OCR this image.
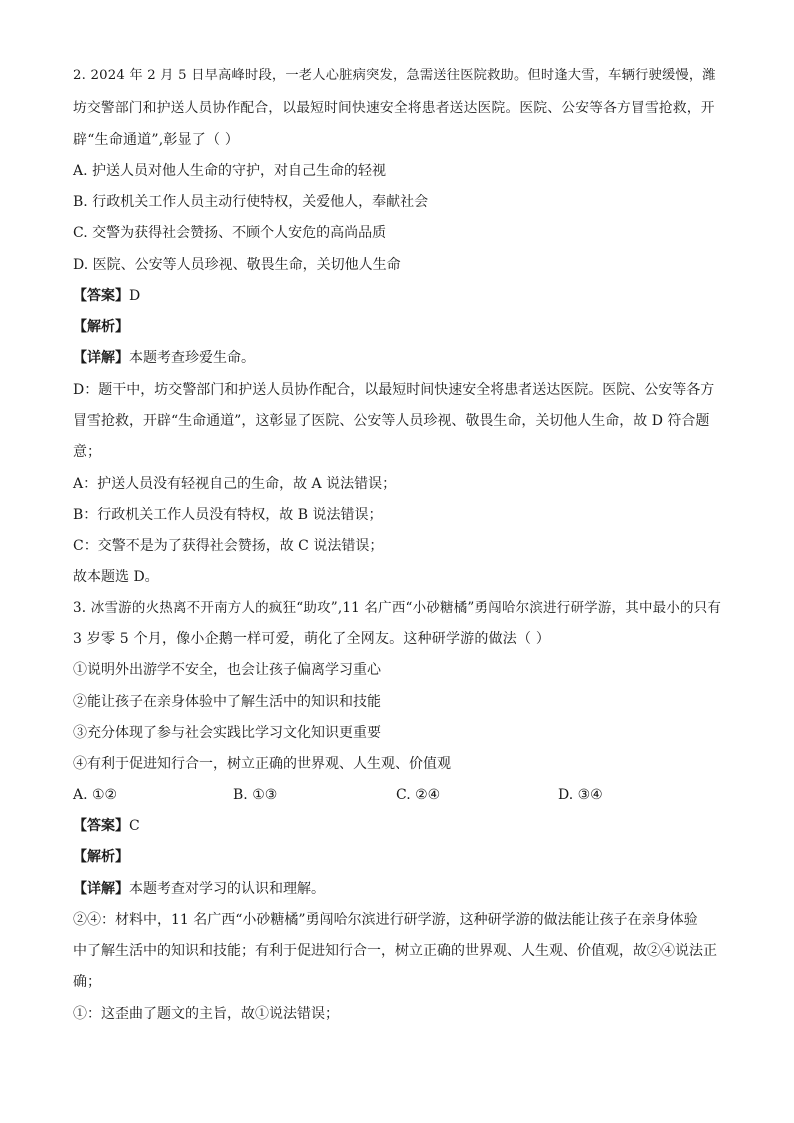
2. 2024 年 2 月 5 日早高峰时段，一老人心脏病突发，急需送往医院救助。但时逢大雪，车辆行驶缓慢，潍
坊交警部门和护送人员协作配合，以最短时间快速安全将患者送达医院。医院、公安等各方冒雪抢救，开
辟“生命通道”,彰显了（ ）
A. 护送人员对他人生命的守护，对自己生命的轻视
B. 行政机关工作人员主动行使特权，关爱他人，奉献社会
C. 交警为获得社会赞扬、不顾个人安危的高尚品质
D. 医院、公安等人员珍视、敬畏生命，关切他人生命
【答案】D
【解析】
【详解】本题考查珍爱生命。
D：题干中，坊交警部门和护送人员协作配合，以最短时间快速安全将患者送达医院。医院、公安等各方
冒雪抢救，开辟“生命通道”，这彰显了医院、公安等人员珍视、敬畏生命，关切他人生命，故 D 符合题
意；
A：护送人员没有轻视自己的生命，故 A 说法错误；
B：行政机关工作人员没有特权，故 B 说法错误；
C：交警不是为了获得社会赞扬，故 C 说法错误；
故本题选 D。
3. 冰雪游的火热离不开南方人的疯狂“助攻”,11 名广西“小砂糖橘”勇闯哈尔滨进行研学游，其中最小的只有
3 岁零 5 个月，像小企鹅一样可爱，萌化了全网友。这种研学游的做法（ ）
①说明外出游学不安全，也会让孩子偏离学习重心
②能让孩子在亲身体验中了解生活中的知识和技能
③充分体现了参与社会实践比学习文化知识更重要
④有利于促进知行合一，树立正确的世界观、人生观、价值观
A. ①②	B. ①③	C. ②④	D. ③④
【答案】C
【解析】
【详解】本题考查对学习的认识和理解。
②④：材料中，11 名广西“小砂糖橘”勇闯哈尔滨进行研学游，这种研学游的做法能让孩子在亲身体验
中了解生活中的知识和技能；有利于促进知行合一，树立正确的世界观、人生观、价值观，故②④说法正
确；
①：这歪曲了题文的主旨，故①说法错误；
